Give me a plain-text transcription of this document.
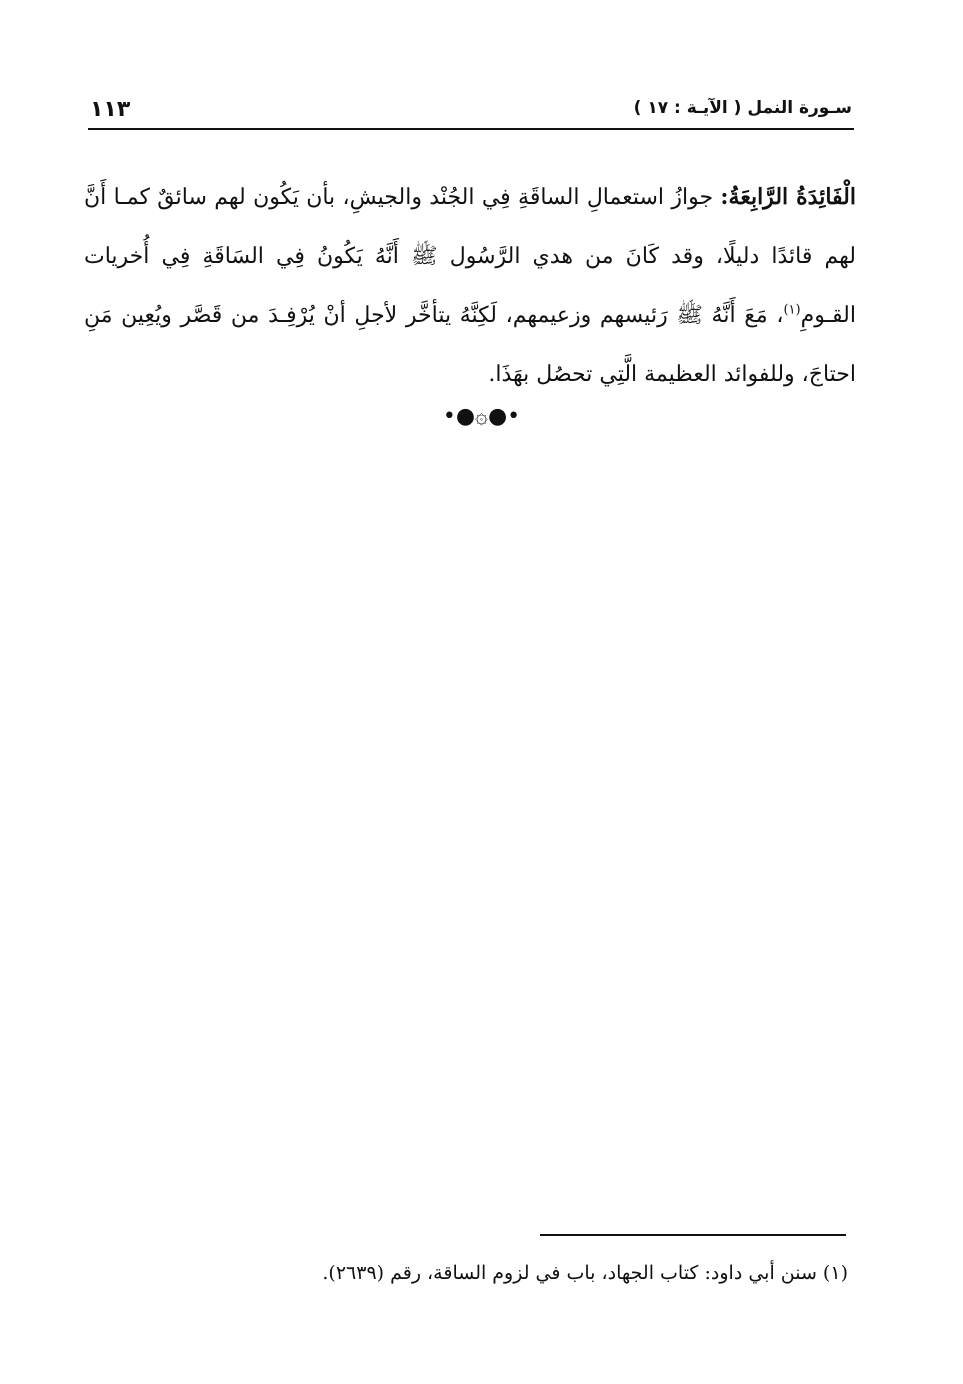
١١٣	سـورة النمل ( الآيـة : ١٧ )
الْفَائِدَةُ الرَّابِعَةُ: جوازُ استعمالِ الساقَةِ فِي الجُنْد والجيشِ، بأن يَكُون لهم سائقٌ كمـا أَنَّ لهم قائدًا دليلًا، وقد كَانَ من هدي الرَّسُول ﷺ أَنَّهُ يَكُونُ فِي السَاقَةِ فِي أُخريات القـومِ$^{(١)}$، مَعَ أَنَّهُ ﷺ رَئيسهم وزعيمهم، لَكِنَّهُ يتأخَّر لأجلِ أنْ يُرْفِـدَ من قَصَّر ويُعِين مَنِ احتاجَ، وللفوائد العظيمة الَّتِي تحصُل بهَذَا.
•●۞●•
(١) سنن أبي داود: كتاب الجهاد، باب في لزوم الساقة، رقم (٢٦٣٩).
